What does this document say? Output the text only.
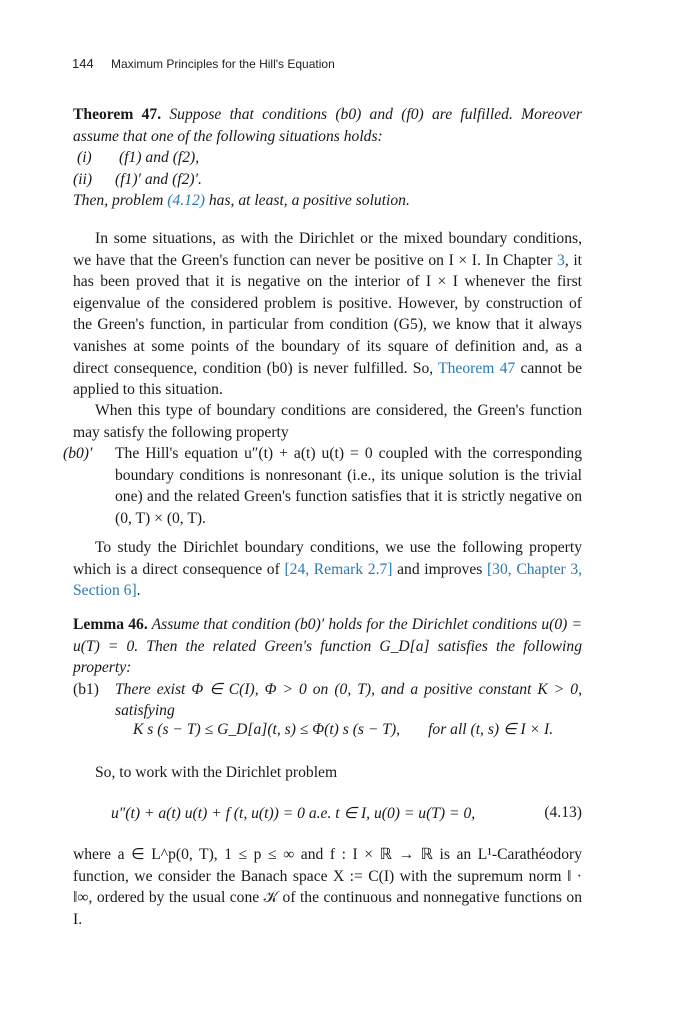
144 Maximum Principles for the Hill's Equation
Theorem 47. Suppose that conditions (b0) and (f0) are fulfilled. Moreover assume that one of the following situations holds:
(i)	(f1) and (f2),
(ii)	(f1)′ and (f2)′.
Then, problem (4.12) has, at least, a positive solution.
In some situations, as with the Dirichlet or the mixed boundary conditions, we have that the Green's function can never be positive on I × I. In Chapter 3, it has been proved that it is negative on the interior of I × I whenever the first eigenvalue of the considered problem is positive. However, by construction of the Green's function, in particular from condition (G5), we know that it always vanishes at some points of the boundary of its square of definition and, as a direct consequence, condition (b0) is never fulfilled. So, Theorem 47 cannot be applied to this situation.
When this type of boundary conditions are considered, the Green's function may satisfy the following property
(b0)′	The Hill's equation u″(t) + a(t) u(t) = 0 coupled with the corresponding boundary conditions is nonresonant (i.e., its unique solution is the trivial one) and the related Green's function satisfies that it is strictly negative on (0, T) × (0, T).
To study the Dirichlet boundary conditions, we use the following property which is a direct consequence of [24, Remark 2.7] and improves [30, Chapter 3, Section 6].
Lemma 46. Assume that condition (b0)′ holds for the Dirichlet conditions u(0) = u(T) = 0. Then the related Green's function G_D[a] satisfies the following property:
(b1)	There exist Φ ∈ C(I), Φ > 0 on (0, T), and a positive constant K > 0, satisfying
K s (s − T) ≤ G_D[a](t, s) ≤ Φ(t) s (s − T), for all (t, s) ∈ I × I.
So, to work with the Dirichlet problem
u″(t) + a(t) u(t) + f (t, u(t)) = 0 a.e. t ∈ I, u(0) = u(T) = 0,	(4.13)
where a ∈ L^p(0, T), 1 ≤ p ≤ ∞ and f : I × ℝ → ℝ is an L¹-Carathéodory function, we consider the Banach space X := C(I) with the supremum norm ‖ · ‖∞, ordered by the usual cone 𝒦 of the continuous and nonnegative functions on I.
